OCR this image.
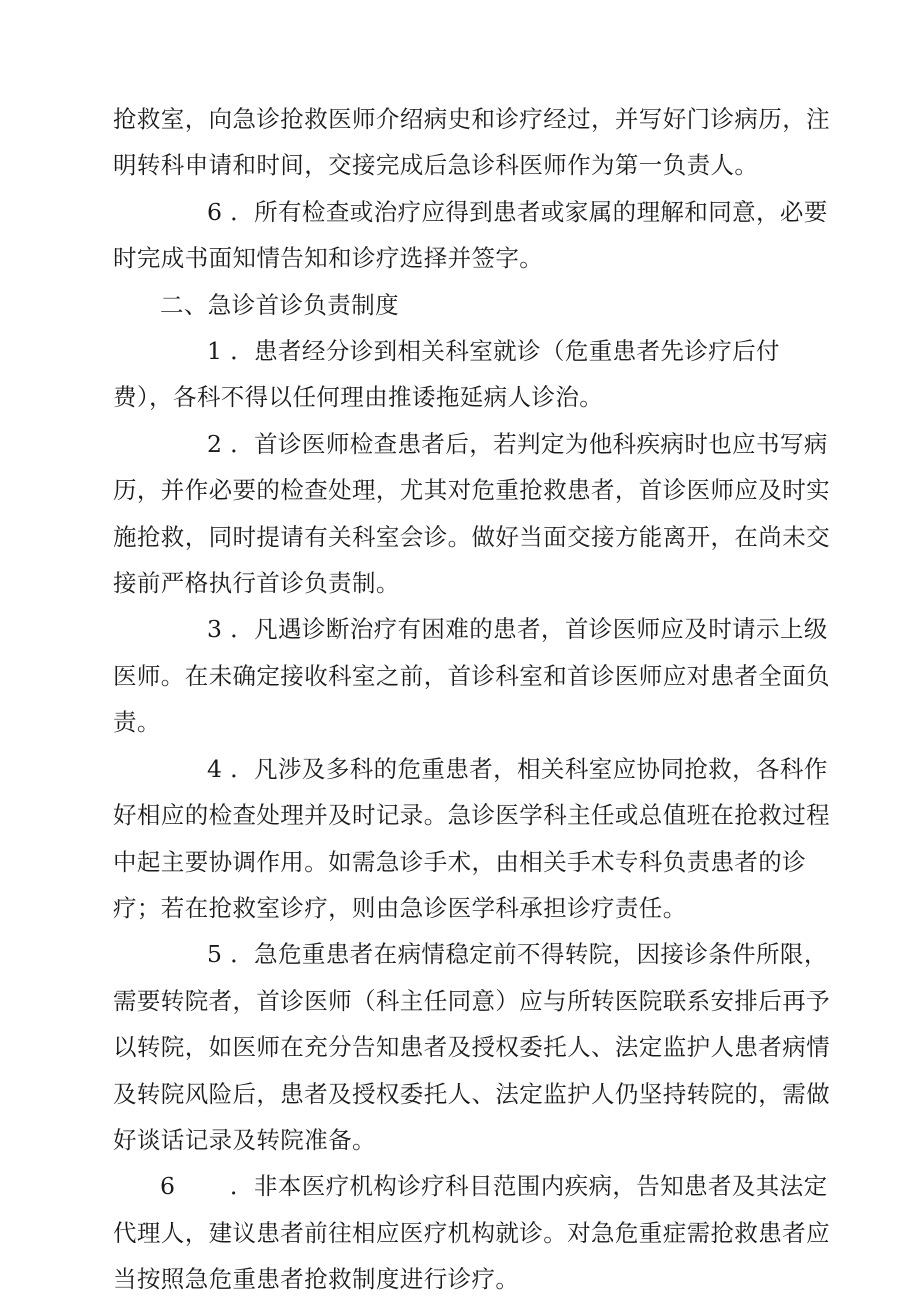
抢救室，向急诊抢救医师介绍病史和诊疗经过，并写好门诊病历，注明转科申请和时间，交接完成后急诊科医师作为第一负责人。

6 ．所有检查或治疗应得到患者或家属的理解和同意，必要时完成书面知情告知和诊疗选择并签字。

二、急诊首诊负责制度

1 ．患者经分诊到相关科室就诊（危重患者先诊疗后付费），各科不得以任何理由推诿拖延病人诊治。

2 ．首诊医师检查患者后，若判定为他科疾病时也应书写病历，并作必要的检查处理，尤其对危重抢救患者，首诊医师应及时实施抢救，同时提请有关科室会诊。做好当面交接方能离开，在尚未交接前严格执行首诊负责制。

3 ．凡遇诊断治疗有困难的患者，首诊医师应及时请示上级医师。在未确定接收科室之前，首诊科室和首诊医师应对患者全面负责。

4 ．凡涉及多科的危重患者，相关科室应协同抢救，各科作好相应的检查处理并及时记录。急诊医学科主任或总值班在抢救过程中起主要协调作用。如需急诊手术，由相关手术专科负责患者的诊疗；若在抢救室诊疗，则由急诊医学科承担诊疗责任。

5 ．急危重患者在病情稳定前不得转院，因接诊条件所限，需要转院者，首诊医师（科主任同意）应与所转医院联系安排后再予以转院，如医师在充分告知患者及授权委托人、法定监护人患者病情及转院风险后，患者及授权委托人、法定监护人仍坚持转院的，需做好谈话记录及转院准备。

6 ．非本医疗机构诊疗科目范围内疾病，告知患者及其法定代理人，建议患者前往相应医疗机构就诊。对急危重症需抢救患者应当按照急危重患者抢救制度进行诊疗。
